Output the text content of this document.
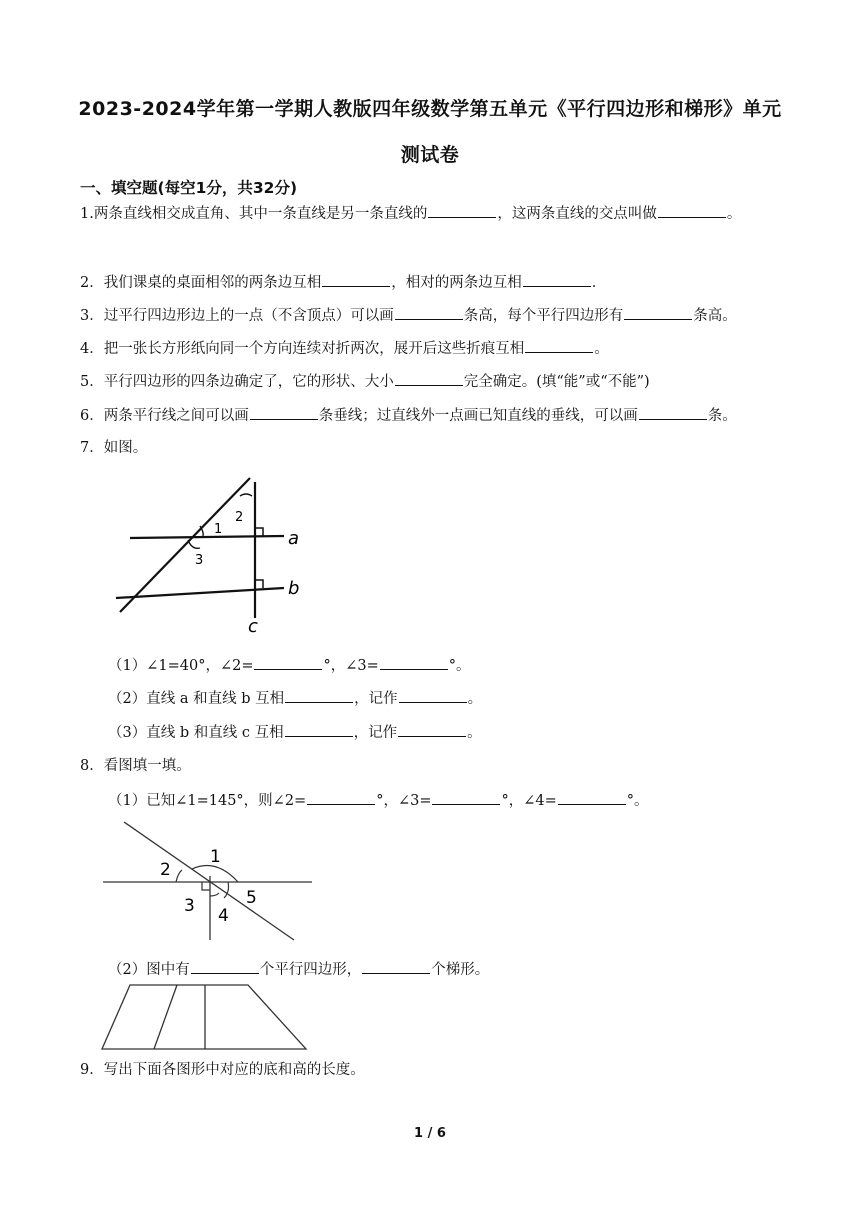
2023-2024学年第一学期人教版四年级数学第五单元《平行四边形和梯形》单元
测试卷
一、填空题(每空1分，共32分)
1.两条直线相交成直角、其中一条直线是另一条直线的	，这两条直线的交点叫做	。
2．我们课桌的桌面相邻的两条边互相	，相对的两条边互相	．
3．过平行四边形边上的一点（不含顶点）可以画	条高，每个平行四边形有	条高。
4．把一张长方形纸向同一个方向连续对折两次，展开后这些折痕互相	。
5．平行四边形的四条边确定了，它的形状、大小	完全确定。(填“能”或“不能”)
6．两条平行线之间可以画	条垂线；过直线外一点画已知直线的垂线，可以画	条。
7．如图。
1
2
3
a
b
c
（1）∠1=40°，∠2=	°，∠3=	°。
（2）直线 a 和直线 b 互相	，记作	。
（3）直线 b 和直线 c 互相	，记作	。
8．看图填一填。
（1）已知∠1=145°，则∠2=	°，∠3=	°，∠4=	°。
1
2
3 4
5
（2）图中有	个平行四边形，	个梯形。
9．写出下面各图形中对应的底和高的长度。
1 / 6
